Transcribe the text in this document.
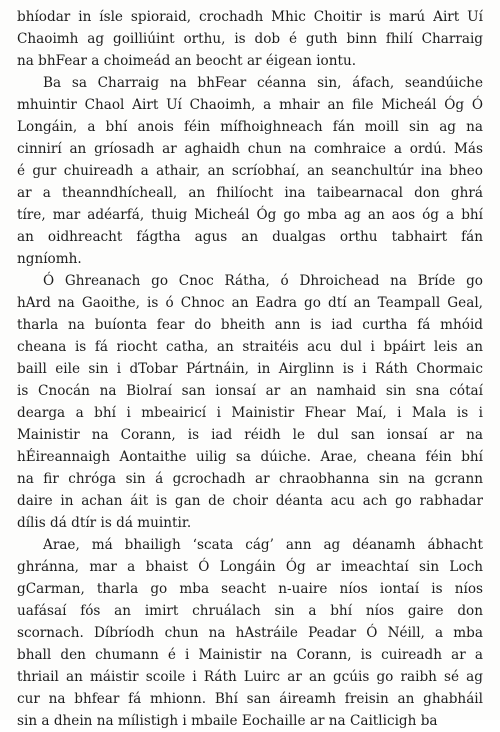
bhíodar in ísle spioraid, crochadh Mhic Choitir is marú Airt Uí
Chaoimh ag goilliúint orthu, is dob é guth binn fhilí Charraig
na bhFear a choimeád an beocht ar éigean iontu.

Ba sa Charraig na bhFear céanna sin, áfach, seandúiche
mhuintir Chaol Airt Uí Chaoimh, a mhair an file Micheál Óg Ó
Longáin, a bhí anois féin mífhoighneach fán moill sin ag na
cinnirí an gríosadh ar aghaidh chun na comhraice a ordú. Más
é gur chuireadh a athair, an scríobhaí, an seanchultúr ina bheo
ar a theanndhícheall, an fhilíocht ina taibearnacal don ghrá
tíre, mar adéarfá, thuig Micheál Óg go mba ag an aos óg a bhí
an oidhreacht fágtha agus an dualgas orthu tabhairt fán
ngníomh.

Ó Ghreanach go Cnoc Rátha, ó Dhroichead na Bríde go
hArd na Gaoithe, is ó Chnoc an Eadra go dtí an Teampall Geal,
tharla na buíonta fear do bheith ann is iad curtha fá mhóid
cheana is fá riocht catha, an straitéis acu dul i bpáirt leis an
baill eile sin i dTobar Pártnáin, in Airglinn is i Ráth Chormaic
is Cnocán na Biolraí san ionsaí ar an namhaid sin sna cótaí
dearga a bhí i mbeairicí i Mainistir Fhear Maí, i Mala is i
Mainistir na Corann, is iad réidh le dul san ionsaí ar na
hÉireannaigh Aontaithe uilig sa dúiche. Arae, cheana féin bhí
na fir chróga sin á gcrochadh ar chraobhanna sin na gcrann
daire in achan áit is gan de choir déanta acu ach go rabhadar
dílis dá dtír is dá muintir.

Arae, má bhailigh ‘scata cág’ ann ag déanamh ábhacht
ghránna, mar a bhaist Ó Longáin Óg ar imeachtaí sin Loch
gCarman, tharla go mba seacht n-uaire níos iontaí is níos
uafásaí fós an imirt chruálach sin a bhí níos gaire don
scornach. Díbríodh chun na hAstráile Peadar Ó Néill, a mba
bhall den chumann é i Mainistir na Corann, is cuireadh ar a
thriail an máistir scoile i Ráth Luirc ar an gcúis go raibh sé ag
cur na bhfear fá mhionn. Bhí san áireamh freisin an ghabháil
sin a dhein na mílistigh i mbaile Eochaille ar na Caitlicigh ba
